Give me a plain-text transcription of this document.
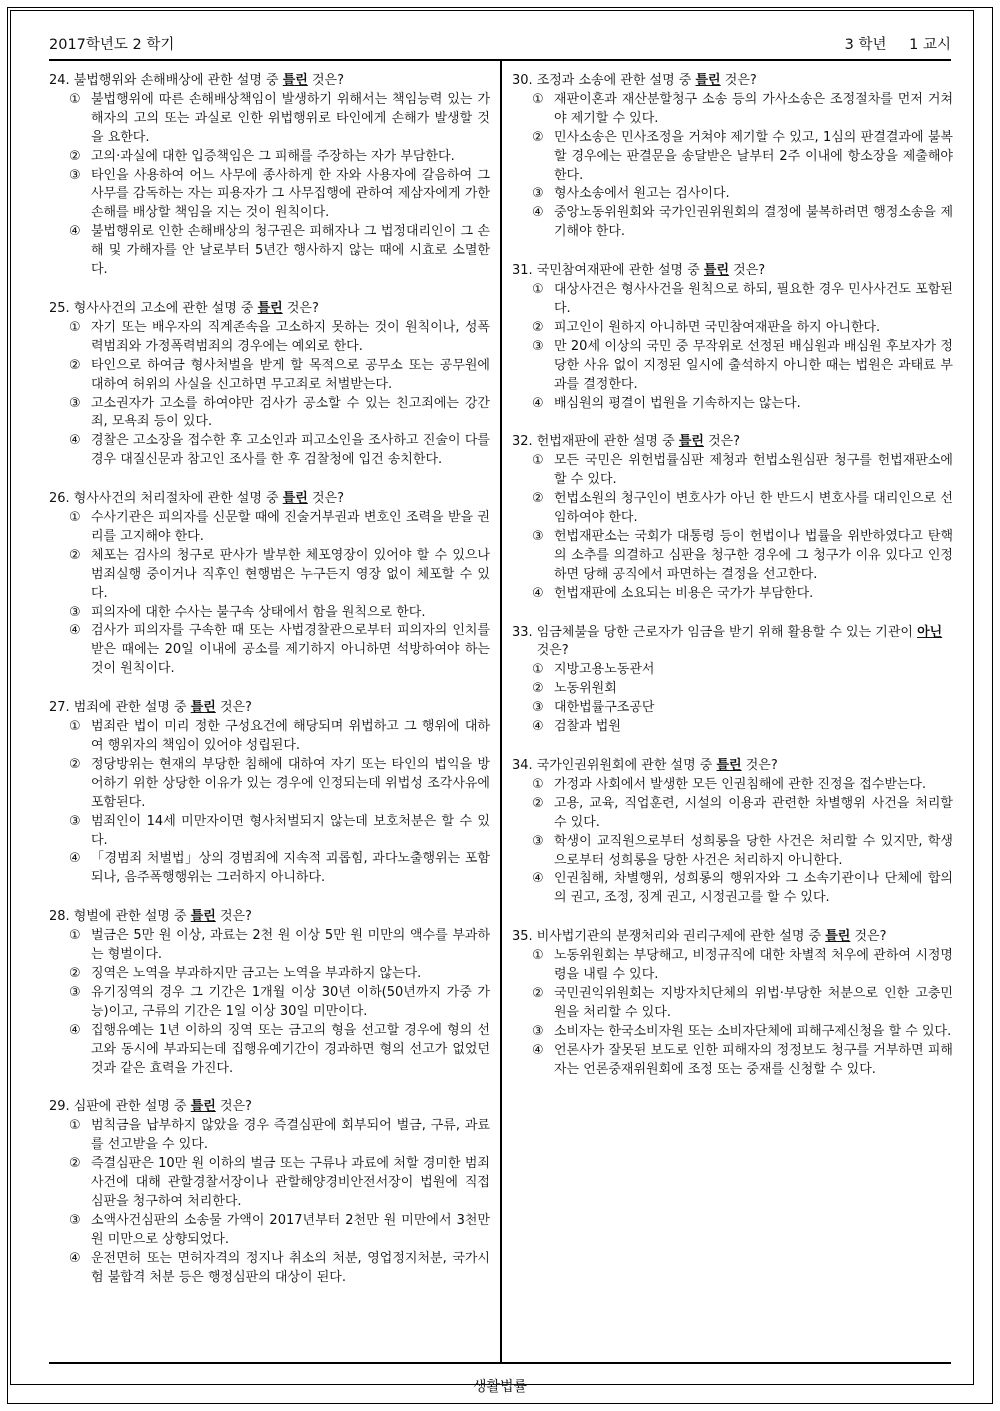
2017학년도 2 학기	3 학년 1 교시
24. 불법행위와 손해배상에 관한 설명 중 틀린 것은?
① 불법행위에 따른 손해배상책임이 발생하기 위해서는 책임능력 있는 가해자의 고의 또는 과실로 인한 위법행위로 타인에게 손해가 발생할 것을 요한다.
② 고의·과실에 대한 입증책임은 그 피해를 주장하는 자가 부담한다.
③ 타인을 사용하여 어느 사무에 종사하게 한 자와 사용자에 갈음하여 그 사무를 감독하는 자는 피용자가 그 사무집행에 관하여 제삼자에게 가한 손해를 배상할 책임을 지는 것이 원칙이다.
④ 불법행위로 인한 손해배상의 청구권은 피해자나 그 법정대리인이 그 손해 및 가해자를 안 날로부터 5년간 행사하지 않는 때에 시효로 소멸한다.
25. 형사사건의 고소에 관한 설명 중 틀린 것은?
① 자기 또는 배우자의 직계존속을 고소하지 못하는 것이 원칙이나, 성폭력범죄와 가정폭력범죄의 경우에는 예외로 한다.
② 타인으로 하여금 형사처벌을 받게 할 목적으로 공무소 또는 공무원에 대하여 허위의 사실을 신고하면 무고죄로 처벌받는다.
③ 고소권자가 고소를 하여야만 검사가 공소할 수 있는 친고죄에는 강간죄, 모욕죄 등이 있다.
④ 경찰은 고소장을 접수한 후 고소인과 피고소인을 조사하고 진술이 다를 경우 대질신문과 참고인 조사를 한 후 검찰청에 입건 송치한다.
26. 형사사건의 처리절차에 관한 설명 중 틀린 것은?
① 수사기관은 피의자를 신문할 때에 진술거부권과 변호인 조력을 받을 권리를 고지해야 한다.
② 체포는 검사의 청구로 판사가 발부한 체포영장이 있어야 할 수 있으나 범죄실행 중이거나 직후인 현행범은 누구든지 영장 없이 체포할 수 있다.
③ 피의자에 대한 수사는 불구속 상태에서 함을 원칙으로 한다.
④ 검사가 피의자를 구속한 때 또는 사법경찰관으로부터 피의자의 인치를 받은 때에는 20일 이내에 공소를 제기하지 아니하면 석방하여야 하는 것이 원칙이다.
27. 범죄에 관한 설명 중 틀린 것은?
① 범죄란 법이 미리 정한 구성요건에 해당되며 위법하고 그 행위에 대하여 행위자의 책임이 있어야 성립된다.
② 정당방위는 현재의 부당한 침해에 대하여 자기 또는 타인의 법익을 방어하기 위한 상당한 이유가 있는 경우에 인정되는데 위법성 조각사유에 포함된다.
③ 범죄인이 14세 미만자이면 형사처벌되지 않는데 보호처분은 할 수 있다.
④ 「경범죄 처벌법」상의 경범죄에 지속적 괴롭힘, 과다노출행위는 포함되나, 음주폭행행위는 그러하지 아니하다.
28. 형벌에 관한 설명 중 틀린 것은?
① 벌금은 5만 원 이상, 과료는 2천 원 이상 5만 원 미만의 액수를 부과하는 형벌이다.
② 징역은 노역을 부과하지만 금고는 노역을 부과하지 않는다.
③ 유기징역의 경우 그 기간은 1개월 이상 30년 이하(50년까지 가중 가능)이고, 구류의 기간은 1일 이상 30일 미만이다.
④ 집행유예는 1년 이하의 징역 또는 금고의 형을 선고할 경우에 형의 선고와 동시에 부과되는데 집행유예기간이 경과하면 형의 선고가 없었던 것과 같은 효력을 가진다.
29. 심판에 관한 설명 중 틀린 것은?
① 범칙금을 납부하지 않았을 경우 즉결심판에 회부되어 벌금, 구류, 과료를 선고받을 수 있다.
② 즉결심판은 10만 원 이하의 벌금 또는 구류나 과료에 처할 경미한 범죄사건에 대해 관할경찰서장이나 관할해양경비안전서장이 법원에 직접 심판을 청구하여 처리한다.
③ 소액사건심판의 소송물 가액이 2017년부터 2천만 원 미만에서 3천만 원 미만으로 상향되었다.
④ 운전면허 또는 면허자격의 정지나 취소의 처분, 영업정지처분, 국가시험 불합격 처분 등은 행정심판의 대상이 된다.
30. 조정과 소송에 관한 설명 중 틀린 것은?
① 재판이혼과 재산분할청구 소송 등의 가사소송은 조정절차를 먼저 거쳐야 제기할 수 있다.
② 민사소송은 민사조정을 거쳐야 제기할 수 있고, 1심의 판결결과에 불복할 경우에는 판결문을 송달받은 날부터 2주 이내에 항소장을 제출해야 한다.
③ 형사소송에서 원고는 검사이다.
④ 중앙노동위원회와 국가인권위원회의 결정에 불복하려면 행정소송을 제기해야 한다.
31. 국민참여재판에 관한 설명 중 틀린 것은?
① 대상사건은 형사사건을 원칙으로 하되, 필요한 경우 민사사건도 포함된다.
② 피고인이 원하지 아니하면 국민참여재판을 하지 아니한다.
③ 만 20세 이상의 국민 중 무작위로 선정된 배심원과 배심원 후보자가 정당한 사유 없이 지정된 일시에 출석하지 아니한 때는 법원은 과태료 부과를 결정한다.
④ 배심원의 평결이 법원을 기속하지는 않는다.
32. 헌법재판에 관한 설명 중 틀린 것은?
① 모든 국민은 위헌법률심판 제청과 헌법소원심판 청구를 헌법재판소에 할 수 있다.
② 헌법소원의 청구인이 변호사가 아닌 한 반드시 변호사를 대리인으로 선임하여야 한다.
③ 헌법재판소는 국회가 대통령 등이 헌법이나 법률을 위반하였다고 탄핵의 소추를 의결하고 심판을 청구한 경우에 그 청구가 이유 있다고 인정하면 당해 공직에서 파면하는 결정을 선고한다.
④ 헌법재판에 소요되는 비용은 국가가 부담한다.
33. 임금체불을 당한 근로자가 임금을 받기 위해 활용할 수 있는 기관이 아닌 것은?
① 지방고용노동관서
② 노동위원회
③ 대한법률구조공단
④ 검찰과 법원
34. 국가인권위원회에 관한 설명 중 틀린 것은?
① 가정과 사회에서 발생한 모든 인권침해에 관한 진정을 접수받는다.
② 고용, 교육, 직업훈련, 시설의 이용과 관련한 차별행위 사건을 처리할 수 있다.
③ 학생이 교직원으로부터 성희롱을 당한 사건은 처리할 수 있지만, 학생으로부터 성희롱을 당한 사건은 처리하지 아니한다.
④ 인권침해, 차별행위, 성희롱의 행위자와 그 소속기관이나 단체에 합의의 권고, 조정, 징계 권고, 시정권고를 할 수 있다.
35. 비사법기관의 분쟁처리와 권리구제에 관한 설명 중 틀린 것은?
① 노동위원회는 부당해고, 비정규직에 대한 차별적 처우에 관하여 시정명령을 내릴 수 있다.
② 국민권익위원회는 지방자치단체의 위법·부당한 처분으로 인한 고충민원을 처리할 수 있다.
③ 소비자는 한국소비자원 또는 소비자단체에 피해구제신청을 할 수 있다.
④ 언론사가 잘못된 보도로 인한 피해자의 정정보도 청구를 거부하면 피해자는 언론중재위원회에 조정 또는 중재를 신청할 수 있다.
생활법률
